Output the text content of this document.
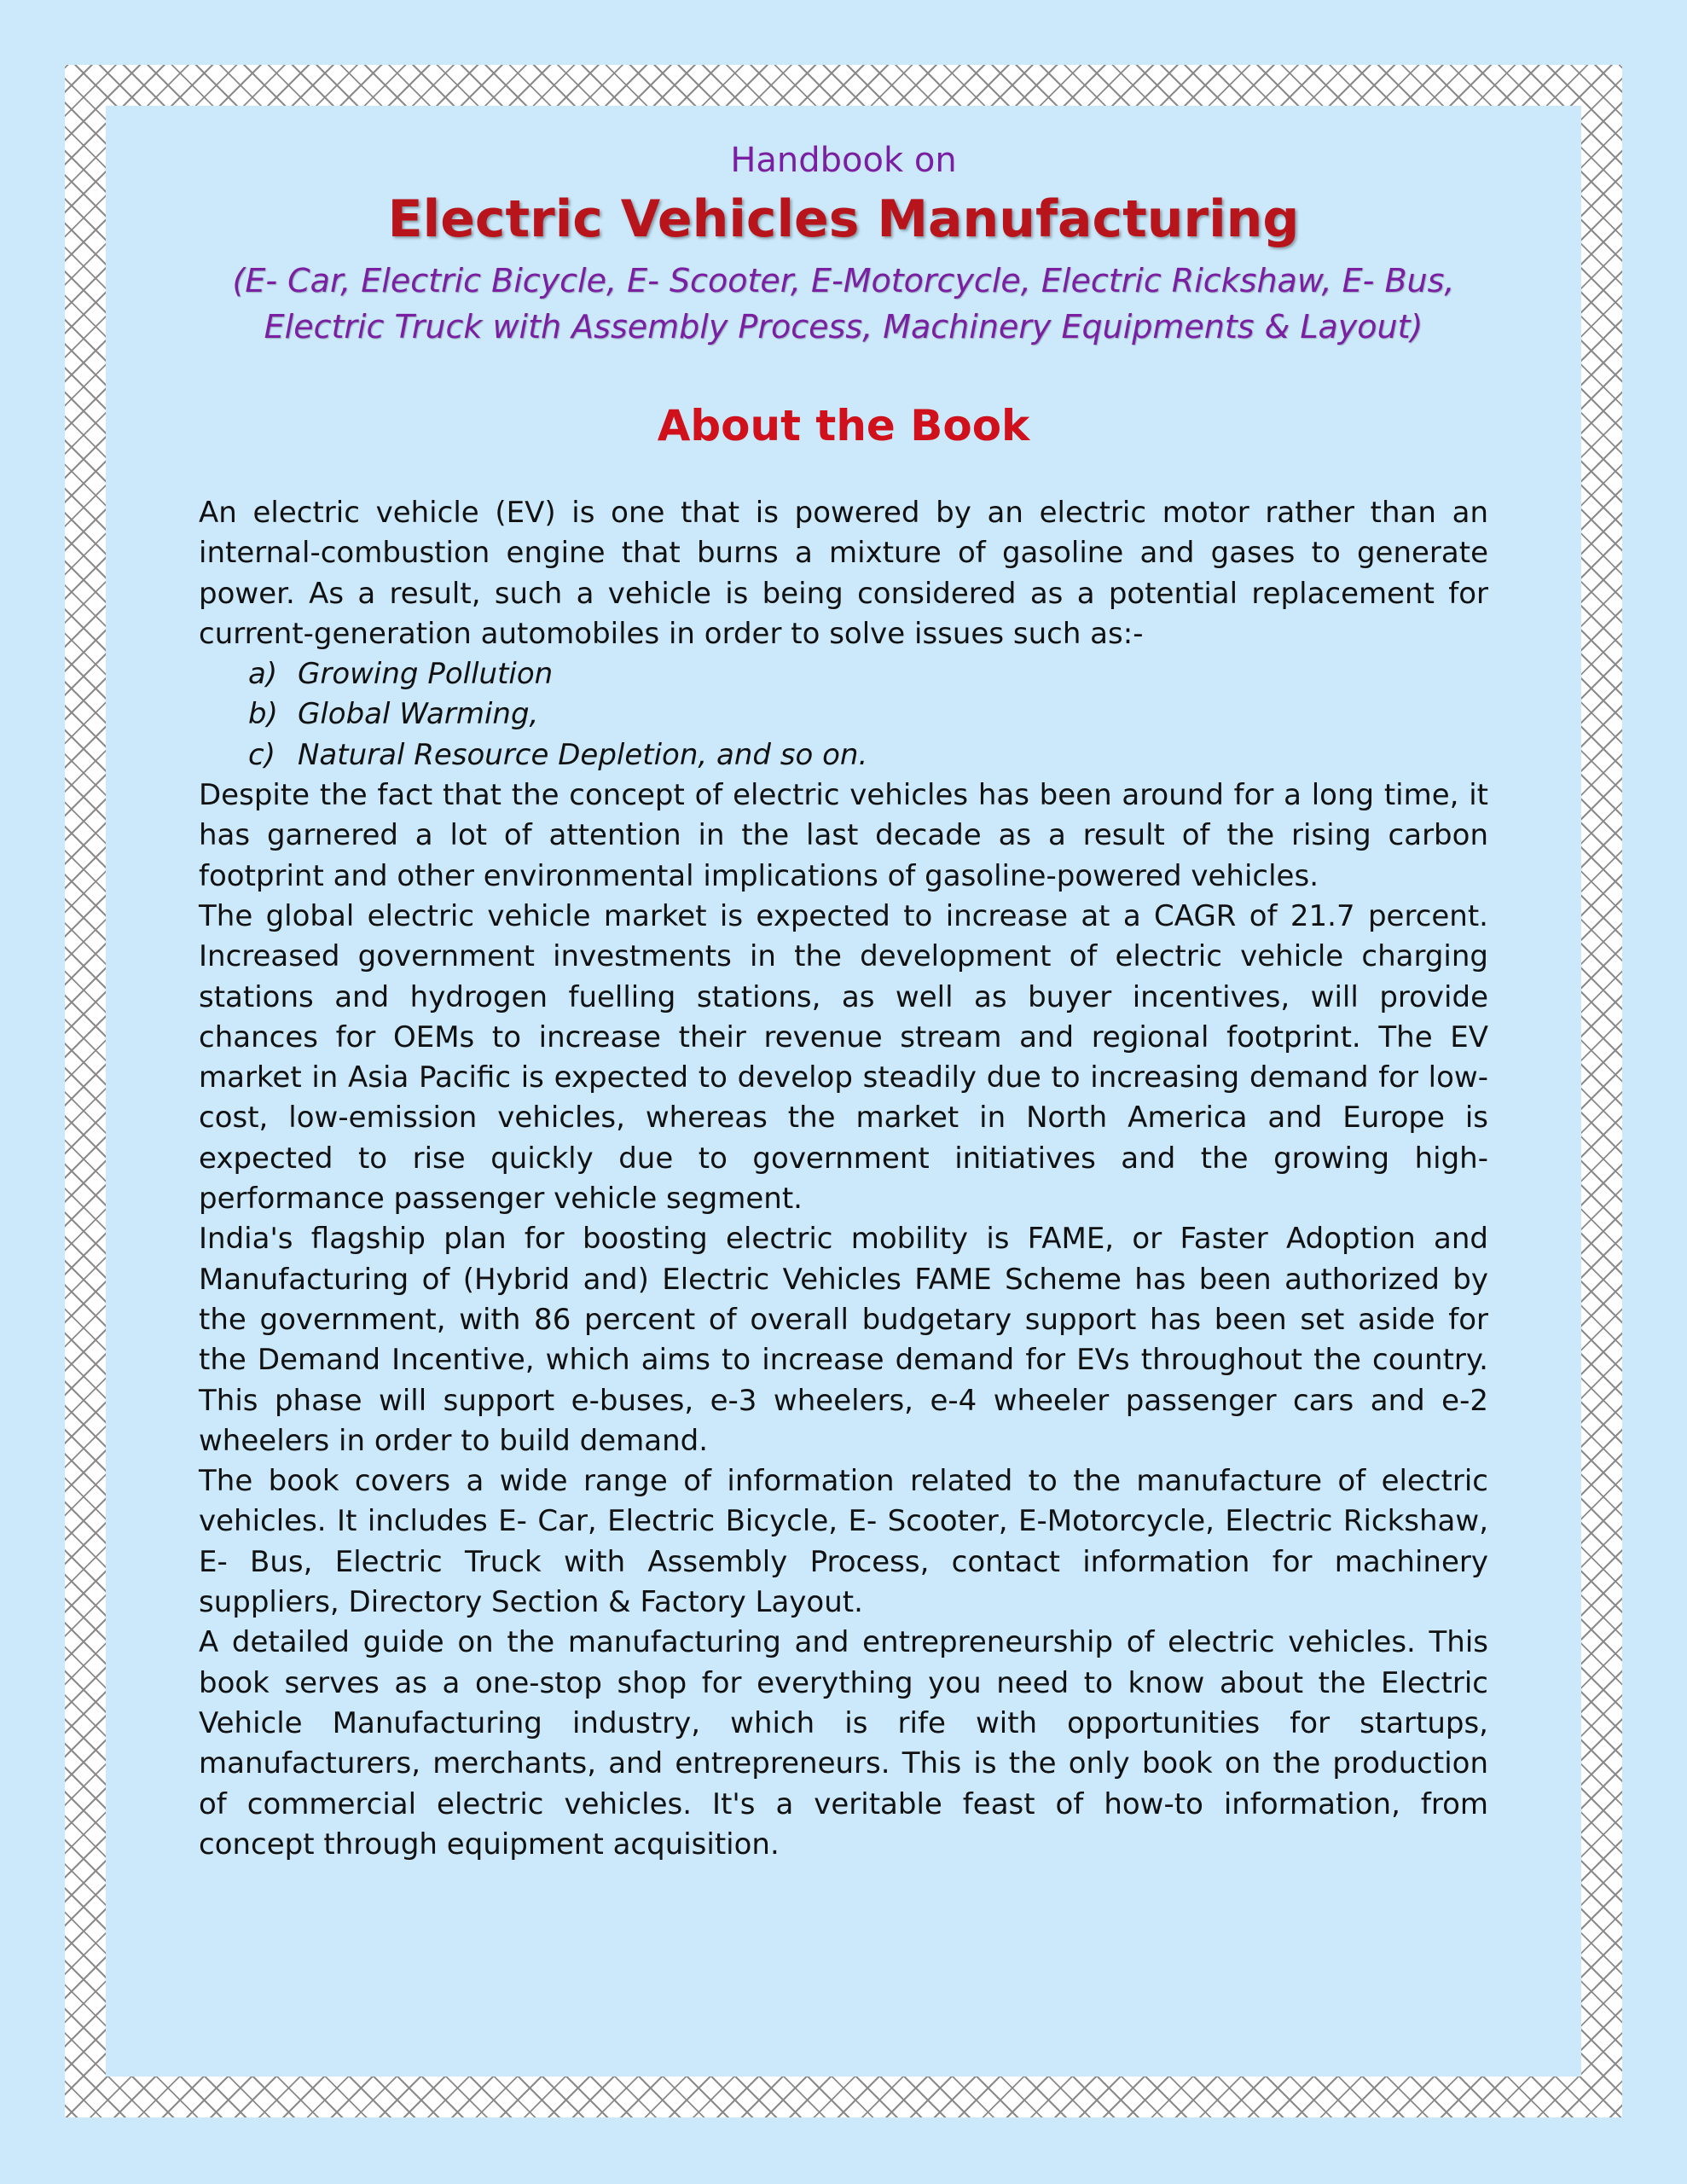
Handbook on

Electric Vehicles Manufacturing

(E- Car, Electric Bicycle, E- Scooter, E-Motorcycle, Electric Rickshaw, E- Bus, Electric Truck with Assembly Process, Machinery Equipments & Layout)

About the Book

An electric vehicle (EV) is one that is powered by an electric motor rather than an internal-combustion engine that burns a mixture of gasoline and gases to generate power. As a result, such a vehicle is being considered as a potential replacement for current-generation automobiles in order to solve issues such as:-

a) Growing Pollution
b) Global Warming,
c) Natural Resource Depletion, and so on.

Despite the fact that the concept of electric vehicles has been around for a long time, it has garnered a lot of attention in the last decade as a result of the rising carbon footprint and other environmental implications of gasoline-powered vehicles.

The global electric vehicle market is expected to increase at a CAGR of 21.7 percent. Increased government investments in the development of electric vehicle charging stations and hydrogen fuelling stations, as well as buyer incentives, will provide chances for OEMs to increase their revenue stream and regional footprint. The EV market in Asia Pacific is expected to develop steadily due to increasing demand for low-cost, low-emission vehicles, whereas the market in North America and Europe is expected to rise quickly due to government initiatives and the growing high-performance passenger vehicle segment.

India's flagship plan for boosting electric mobility is FAME, or Faster Adoption and Manufacturing of (Hybrid and) Electric Vehicles FAME Scheme has been authorized by the government, with 86 percent of overall budgetary support has been set aside for the Demand Incentive, which aims to increase demand for EVs throughout the country. This phase will support e-buses, e-3 wheelers, e-4 wheeler passenger cars and e-2 wheelers in order to build demand.

The book covers a wide range of information related to the manufacture of electric vehicles. It includes E- Car, Electric Bicycle, E- Scooter, E-Motorcycle, Electric Rickshaw, E- Bus, Electric Truck with Assembly Process, contact information for machinery suppliers, Directory Section & Factory Layout.

A detailed guide on the manufacturing and entrepreneurship of electric vehicles. This book serves as a one-stop shop for everything you need to know about the Electric Vehicle Manufacturing industry, which is rife with opportunities for startups, manufacturers, merchants, and entrepreneurs. This is the only book on the production of commercial electric vehicles. It's a veritable feast of how-to information, from concept through equipment acquisition.
